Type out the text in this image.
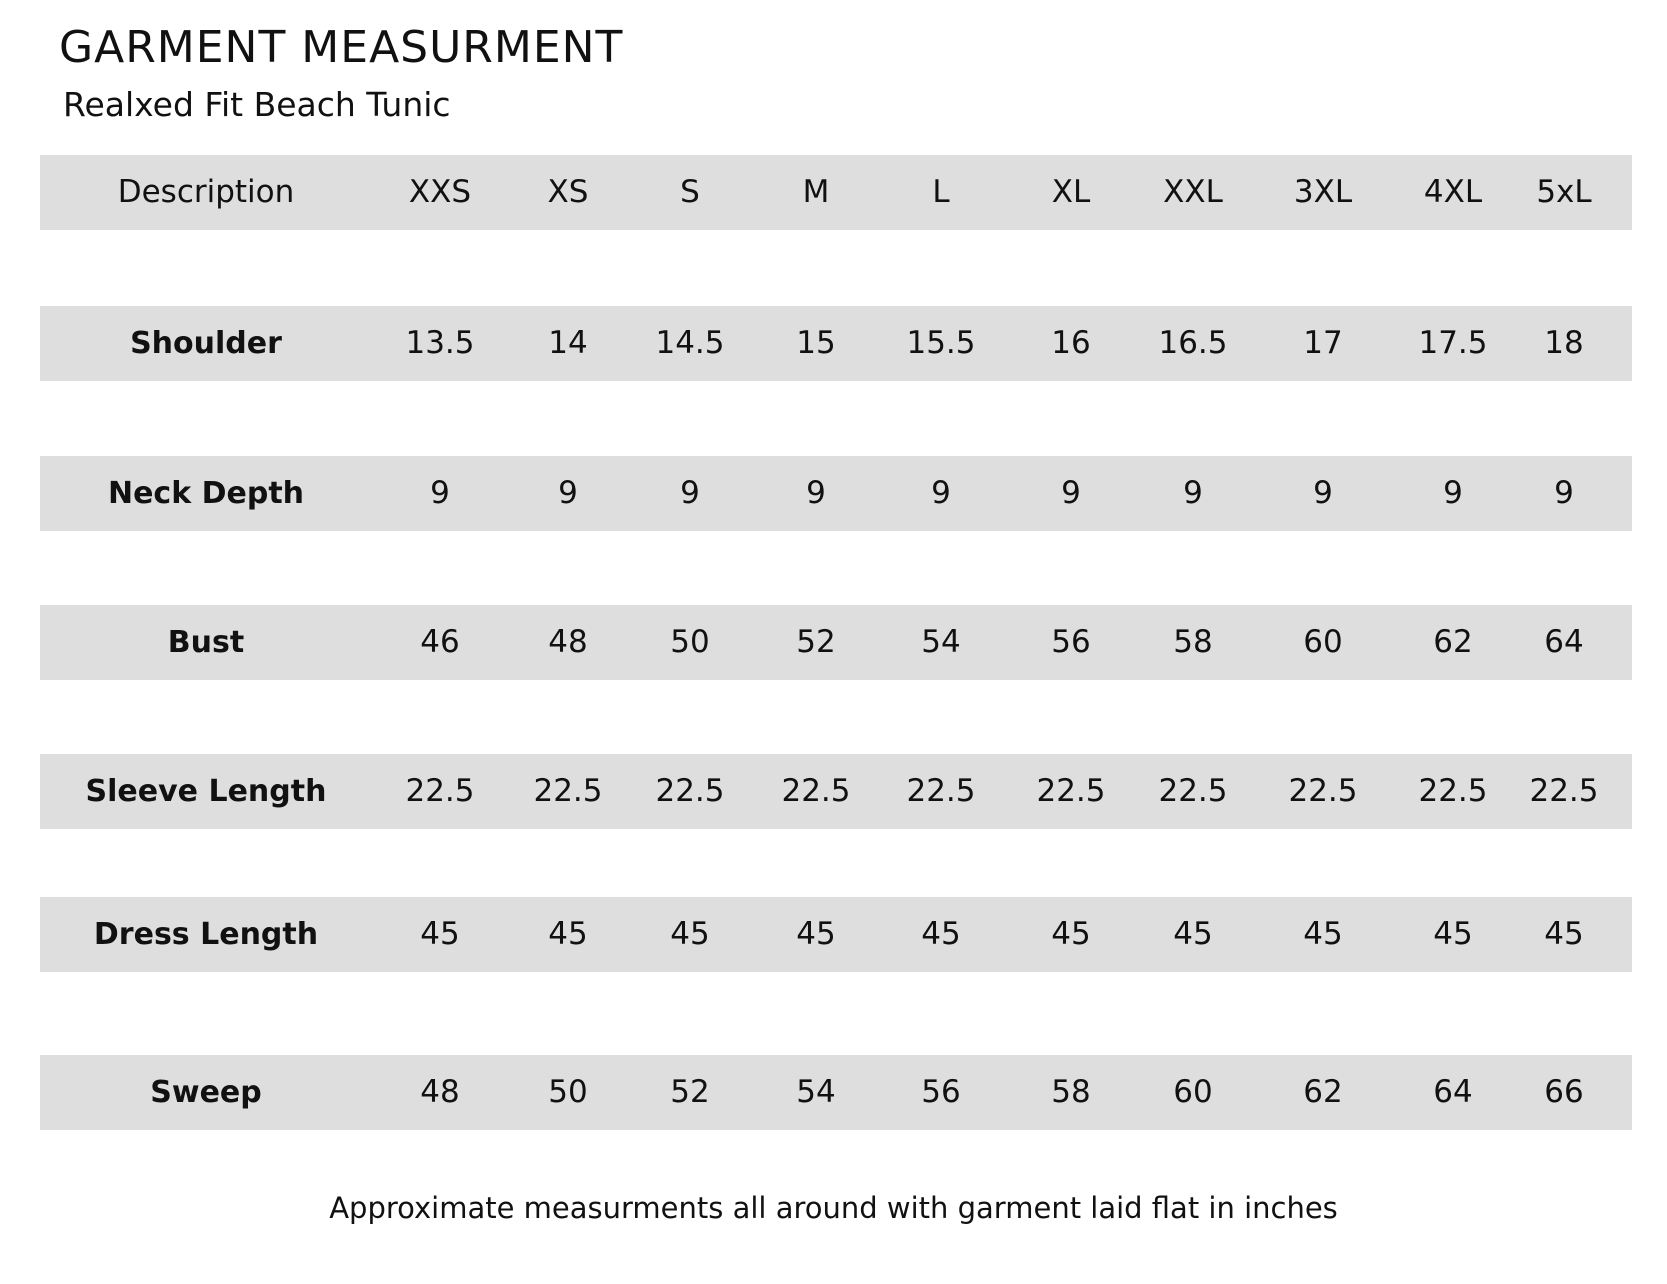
GARMENT MEASURMENT
Realxed Fit Beach Tunic
Description	XXS XS	S	M	L	XL XXL 3XL 4XL 5xL
Shoulder	13.5 14 14.5 15 15.5 16 16.5 17 17.5 18
Neck Depth	9	9	9	9	9	9	9	9	9	9
Bust	46	48	50	52	54	56	58	60	62 64
Sleeve Length	22.5 22.5 22.5 22.5 22.5 22.5 22.5 22.5 22.5 22.5
Dress Length	45	45	45	45	45	45	45	45	45 45
Sweep	48	50	52	54	56	58	60	62	64 66
Approximate measurments all around with garment laid flat in inches
